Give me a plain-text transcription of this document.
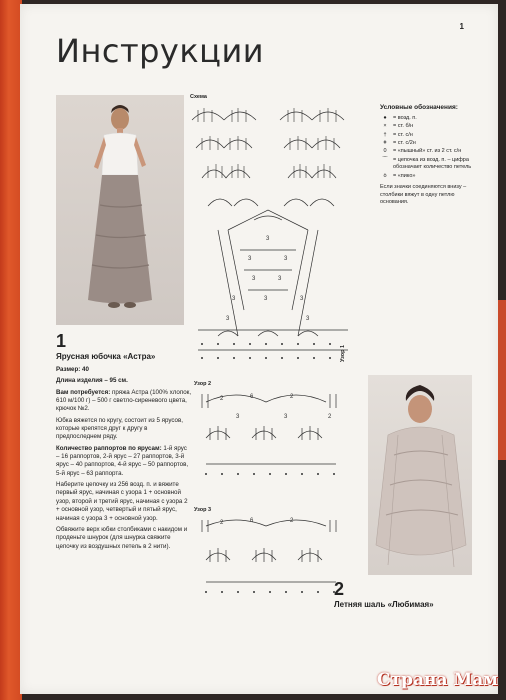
1
Инструкции
Схема
3
3	3
3	3
3
3	3
3	3
Узор 1
Условные обозначения:
●	= возд. п.
×	= ст. б/н
†	= ст. с/н
ǂ	= ст. с/2н
0	= «пышный» ст. из 2 ст. с/н
⌒ = цепочка из возд. п. – цифра обозначает количество петель
ò	= «пико»
Если значки соединяются внизу – столбики вяжут в одну петлю основания.
Узор 2
2	6	2
3	3	2
Узор 3
2	6	2
1
Ярусная юбочка «Астра»

Размер: 40

Длина изделия – 95 см.

Вам потребуется: пряжа Астра (100% хлопок, 610 м/100 г) – 500 г светло-сиреневого цвета, крючок №2.

Юбка вяжется по кругу, состоит из 5 ярусов, которые крепятся друг к другу в предпоследнем ряду.

Количество раппортов по ярусам: 1-й ярус – 16 раппортов, 2-й ярус – 27 раппортов, 3-й ярус – 40 раппортов, 4-й ярус – 50 раппортов, 5-й ярус – 63 раппорта.

Наберите цепочку из 256 возд. п. и вяжите первый ярус, начиная с узора 1 + основной узор, второй и третий ярус, начиная с узора 2 + основной узор, четвертый и пятый ярус, начиная с узора 3 + основной узор.

Обвяжите верх юбки столбиками с накидом и проденьте шнурок (для шнурка свяжите цепочку из воздушных петель в 2 нити).

2
Летняя шаль «Любимая»
Страна Мам
